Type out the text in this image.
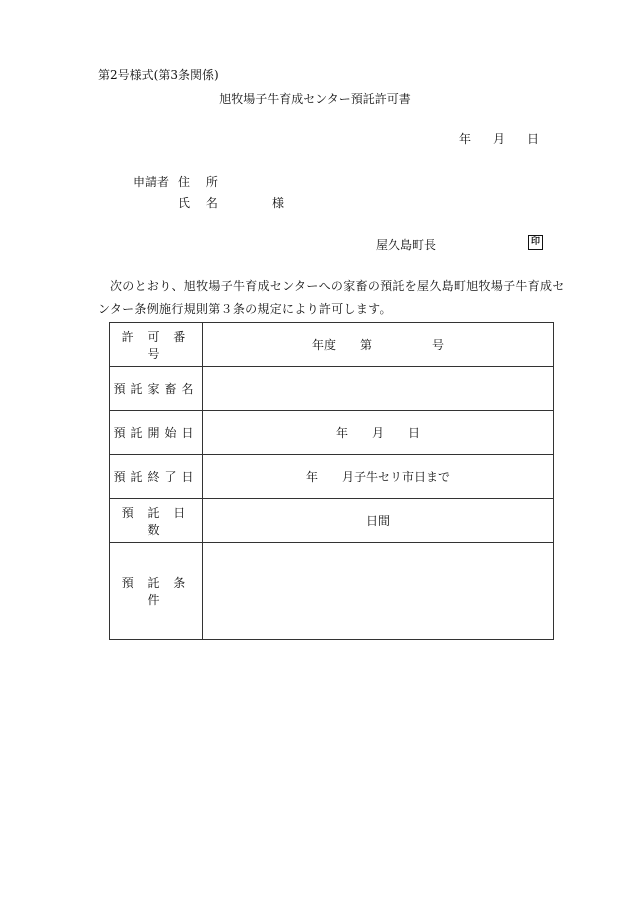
第2号様式(第3条関係)
旭牧場子牛育成センター預託許可書
年 月 日
申請者 住 所
氏 名	様
屋久島町長	印
次のとおり、旭牧場子牛育成センターへの家畜の預託を屋久島町旭牧場子牛育成センター条例施行規則第３条の規定により許可します。
許 可 番 号	年度　　第　　　　　号
預託家畜名	
預託開始日	年　　月　　日
預託終了日	年　　月子牛セリ市日まで
預 託 日 数	日間
預 託 条 件	
